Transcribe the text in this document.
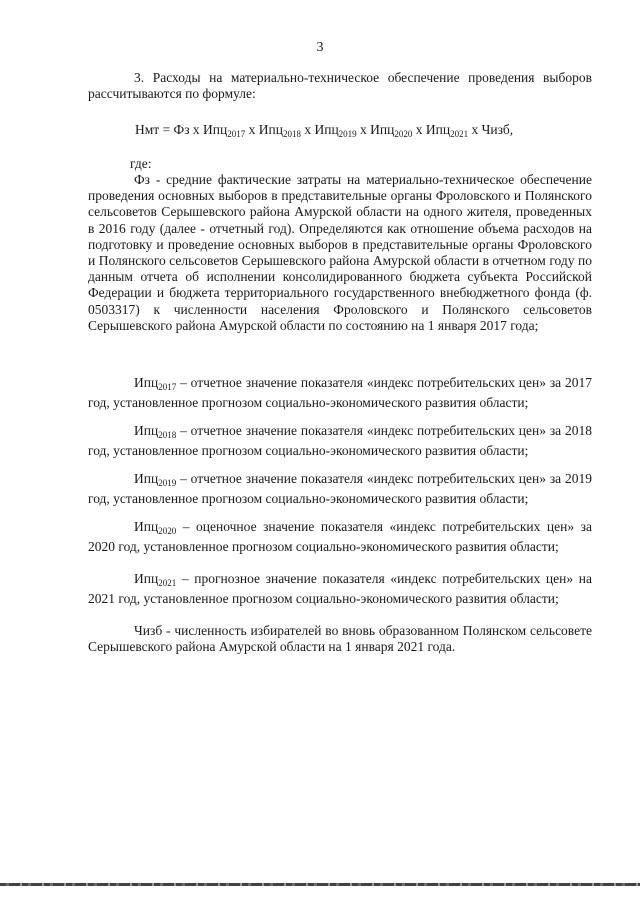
3

3. Расходы на материально-техническое обеспечение проведения выборов рассчитываются по формуле:

Нмт = Фз х Ипц$_{2017}$ х Ипц$_{2018}$ х Ипц$_{2019}$ х Ипц$_{2020}$ х Ипц$_{2021}$ х Чизб,
где:

Фз - средние фактические затраты на материально-техническое обеспечение проведения основных выборов в представительные органы Фроловского и Полянского сельсоветов Серышевского района Амурской области на одного жителя, проведенных в 2016 году (далее - отчетный год). Определяются как отношение объема расходов на подготовку и проведение основных выборов в представительные органы Фроловского и Полянского сельсоветов Серышевского района Амурской области в отчетном году по данным отчета об исполнении консолидированного бюджета субъекта Российской Федерации и бюджета территориального государственного внебюджетного фонда (ф. 0503317) к численности населения Фроловского и Полянского сельсоветов Серышевского района Амурской области по состоянию на 1 января 2017 года;

Ипц$_{2017}$ – отчетное значение показателя «индекс потребительских цен» за 2017 год, установленное прогнозом социально-экономического развития области;

Ипц$_{2018}$ – отчетное значение показателя «индекс потребительских цен» за 2018 год, установленное прогнозом социально-экономического развития области;

Ипц$_{2019}$ – отчетное значение показателя «индекс потребительских цен» за 2019 год, установленное прогнозом социально-экономического развития области;

Ипц$_{2020}$ – оценочное значение показателя «индекс потребительских цен» за 2020 год, установленное прогнозом социально-экономического развития области;

Ипц$_{2021}$ – прогнозное значение показателя «индекс потребительских цен» на 2021 год, установленное прогнозом социально-экономического развития области;

Чизб - численность избирателей во вновь образованном Полянском сельсовете Серышевского района Амурской области на 1 января 2021 года.
